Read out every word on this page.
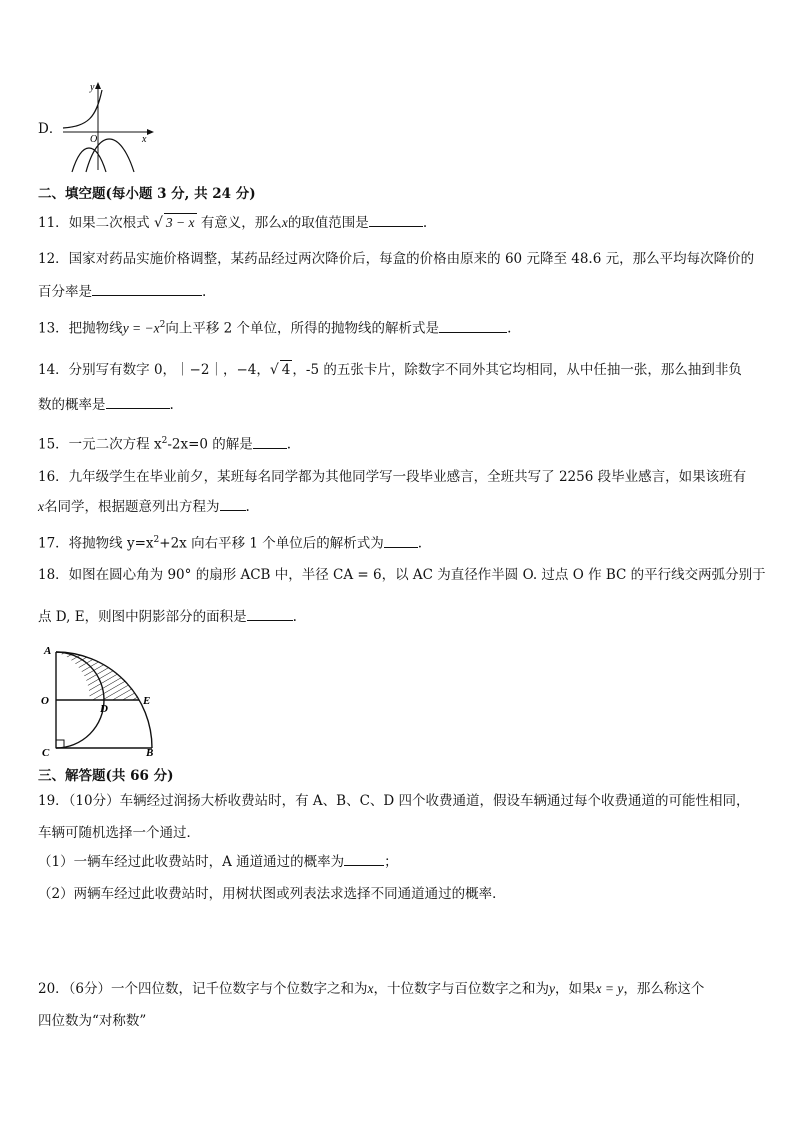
D．
y
x
O
二、填空题(每小题 3 分, 共 24 分)
11．如果二次根式 √ 3 − x 有意义，那么x的取值范围是	.
12．国家对药品实施价格调整，某药品经过两次降价后，每盒的价格由原来的 60 元降至 48.6 元，那么平均每次降价的
百分率是	.
13．把抛物线$y = -x^2$向上平移 2 个单位，所得的抛物线的解析式是	.
14．分别写有数字 0，｜−2｜，−4，√ 4 ，-5 的五张卡片，除数字不同外其它均相同，从中任抽一张，那么抽到非负
数的概率是	.
15．一元二次方程 $x^2-2x=0$ 的解是	.
16．九年级学生在毕业前夕，某班每名同学都为其他同学写一段毕业感言，全班共写了 2256 段毕业感言，如果该班有
x名同学，根据题意列出方程为 .
17．将抛物线 $y=x^2+2x$ 向右平移 1 个单位后的解析式为	.
18．如图在圆心角为 90° 的扇形 ACB 中，半径 CA = 6，以 AC 为直径作半圆 O. 过点 O 作 BC 的平行线交两弧分别于
点 D, E，则图中阴影部分的面积是	.
A
O
C
D
E
B
三、解答题(共 66 分)
19．（10分）车辆经过润扬大桥收费站时，有 A、B、C、D 四个收费通道，假设车辆通过每个收费通道的可能性相同，
车辆可随机选择一个通过．
（1）一辆车经过此收费站时，A 通道通过的概率为	；
（2）两辆车经过此收费站时，用树状图或列表法求选择不同通道通过的概率．
20．（6分）一个四位数，记千位数字与个位数字之和为x，十位数字与百位数字之和为y，如果x = y，那么称这个
四位数为“对称数”
